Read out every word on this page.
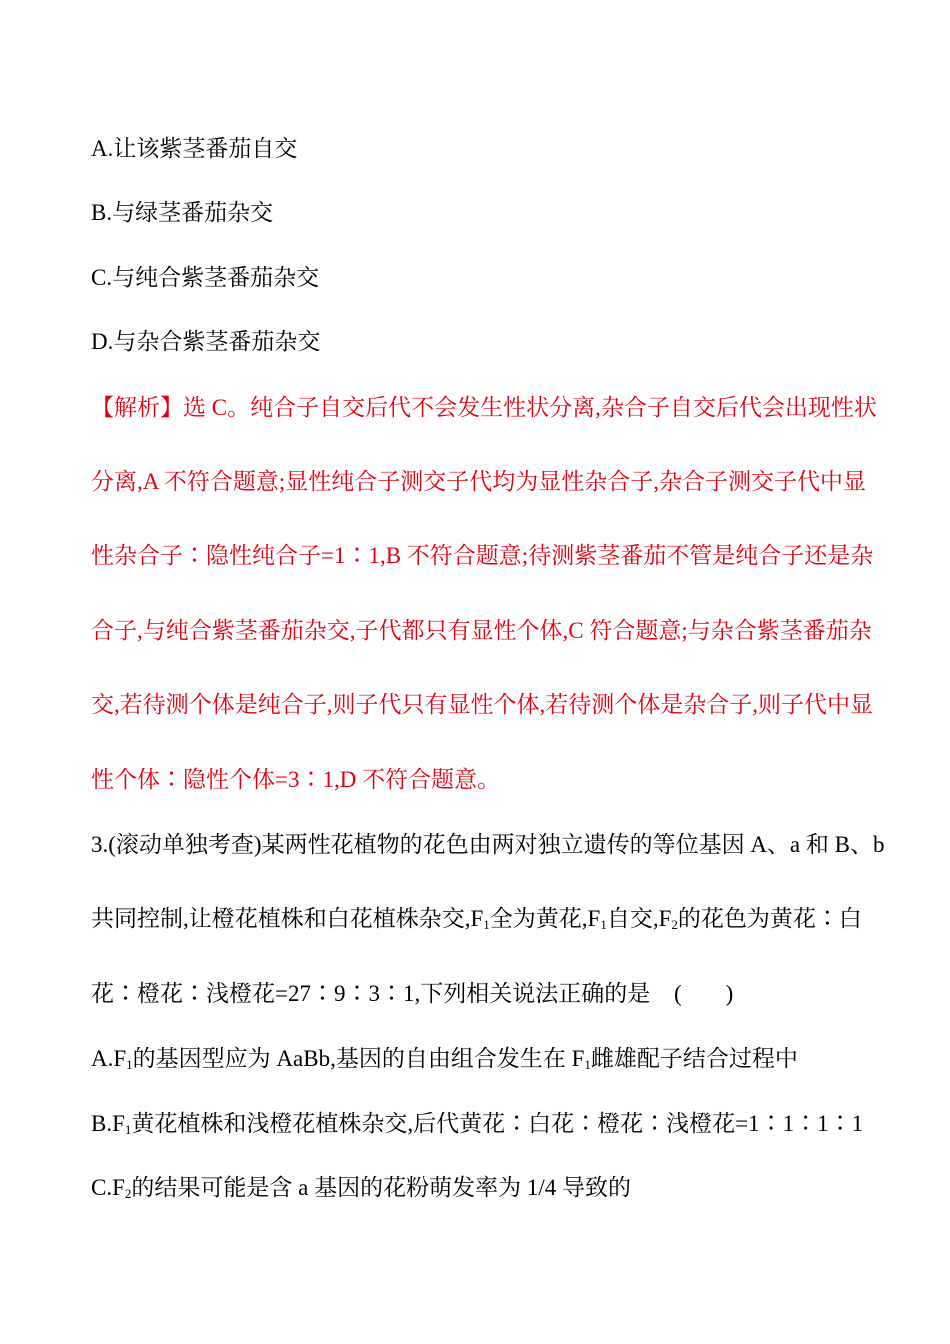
A.让该紫茎番茄自交
B.与绿茎番茄杂交
C.与纯合紫茎番茄杂交
D.与杂合紫茎番茄杂交
【解析】选 C。纯合子自交后代不会发生性状分离,杂合子自交后代会出现性状
分离,A 不符合题意;显性纯合子测交子代均为显性杂合子,杂合子测交子代中显
性杂合子∶隐性纯合子=1∶1,B 不符合题意;待测紫茎番茄不管是纯合子还是杂
合子,与纯合紫茎番茄杂交,子代都只有显性个体,C 符合题意;与杂合紫茎番茄杂
交,若待测个体是纯合子,则子代只有显性个体,若待测个体是杂合子,则子代中显
性个体∶隐性个体=3∶1,D 不符合题意。
3.(滚动单独考查)某两性花植物的花色由两对独立遗传的等位基因 A、a 和 B、b
共同控制,让橙花植株和白花植株杂交$,F_1$全为黄花$,F_1$自交$,F_2$的花色为黄花∶白
花∶橙花∶浅橙花=27∶9∶3∶1,下列相关说法正确的是 ( )
$A.F_1$的基因型应为 AaBb,基因的自由组合发生在 $F_1$雌雄配子结合过程中
$B.F_1$黄花植株和浅橙花植株杂交,后代黄花∶白花∶橙花∶浅橙花=1∶1∶1∶1
$C.F_2$的结果可能是含 a 基因的花粉萌发率为 1/4 导致的
